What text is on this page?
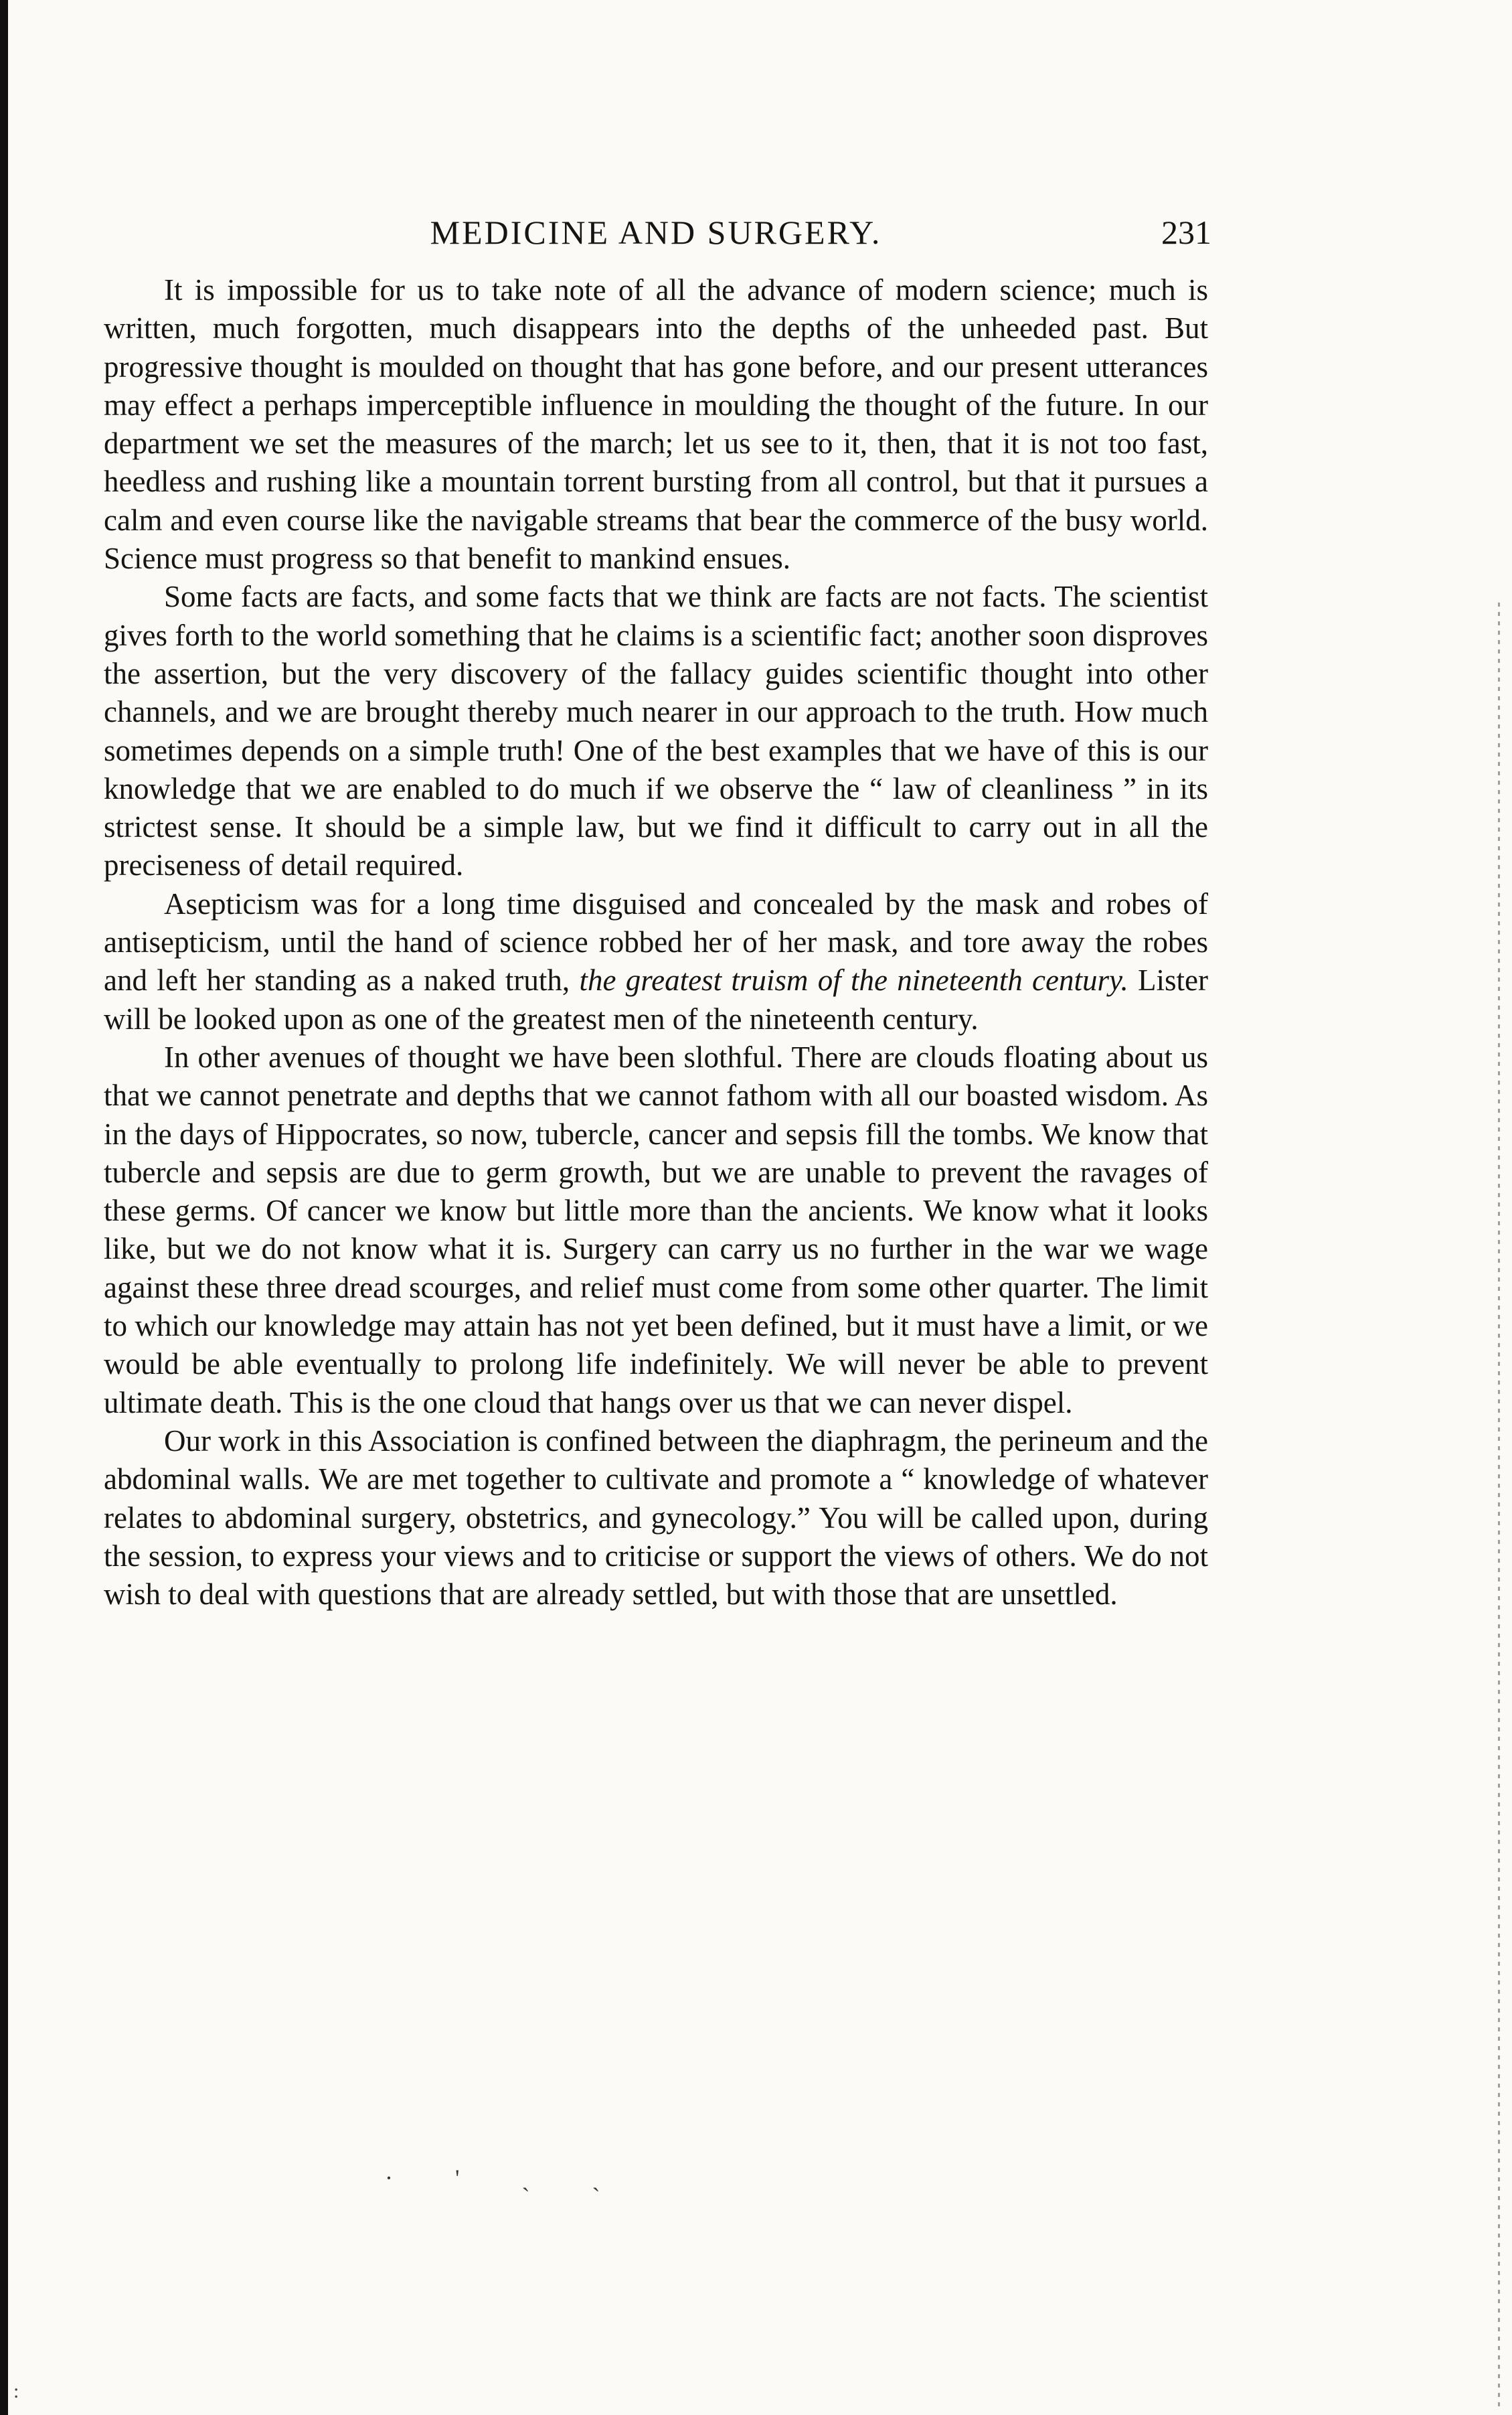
MEDICINE AND SURGERY.	231

It is impossible for us to take note of all the advance of modern science; much is written, much forgotten, much disappears into the depths of the unheeded past. But progressive thought is moulded on thought that has gone before, and our present utterances may effect a perhaps imperceptible influence in moulding the thought of the future. In our department we set the measures of the march; let us see to it, then, that it is not too fast, heedless and rushing like a mountain torrent bursting from all control, but that it pursues a calm and even course like the navigable streams that bear the commerce of the busy world. Science must progress so that benefit to mankind ensues.

Some facts are facts, and some facts that we think are facts are not facts. The scientist gives forth to the world something that he claims is a scientific fact; another soon disproves the assertion, but the very discovery of the fallacy guides scientific thought into other channels, and we are brought thereby much nearer in our approach to the truth. How much sometimes depends on a simple truth! One of the best examples that we have of this is our knowledge that we are enabled to do much if we observe the “ law of cleanliness ” in its strictest sense. It should be a simple law, but we find it difficult to carry out in all the preciseness of detail required.

Asepticism was for a long time disguised and concealed by the mask and robes of antisepticism, until the hand of science robbed her of her mask, and tore away the robes and left her standing as a naked truth, the greatest truism of the nineteenth century. Lister will be looked upon as one of the greatest men of the nineteenth century.

In other avenues of thought we have been slothful. There are clouds floating about us that we cannot penetrate and depths that we cannot fathom with all our boasted wisdom. As in the days of Hippocrates, so now, tubercle, cancer and sepsis fill the tombs. We know that tubercle and sepsis are due to germ growth, but we are unable to prevent the ravages of these germs. Of cancer we know but little more than the ancients. We know what it looks like, but we do not know what it is. Surgery can carry us no further in the war we wage against these three dread scourges, and relief must come from some other quarter. The limit to which our knowledge may attain has not yet been defined, but it must have a limit, or we would be able eventually to prolong life indefinitely. We will never be able to prevent ultimate death. This is the one cloud that hangs over us that we can never dispel.

Our work in this Association is confined between the diaphragm, the perineum and the abdominal walls. We are met together to cultivate and promote a “ knowledge of whatever relates to abdominal surgery, obstetrics, and gynecology.” You will be called upon, during the session, to express your views and to criticise or support the views of others. We do not wish to deal with questions that are already settled, but with those that are unsettled.

· ' ˎ ˎ
:
